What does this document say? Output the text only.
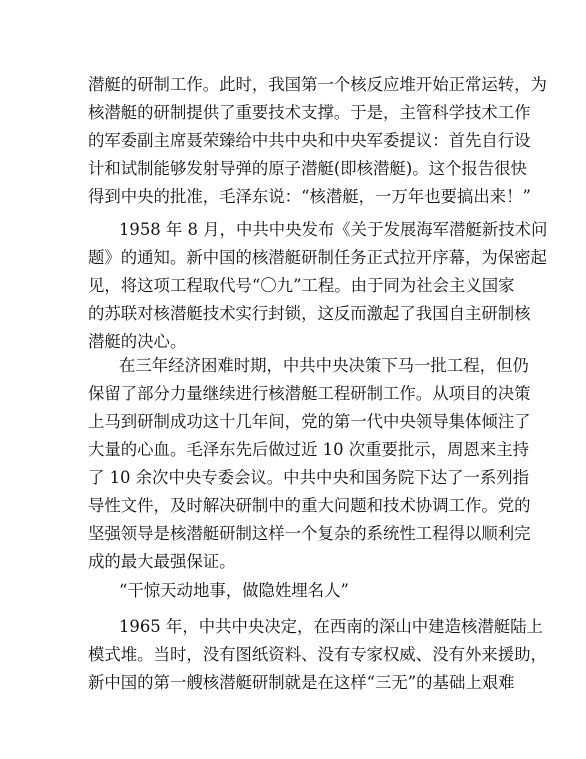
潜艇的研制工作。此时，我国第一个核反应堆开始正常运转，为
核潜艇的研制提供了重要技术支撑。于是，主管科学技术工作
的军委副主席聂荣臻给中共中央和中央军委提议：首先自行设
计和试制能够发射导弹的原子潜艇(即核潜艇)。这个报告很快
得到中央的批准，毛泽东说：“核潜艇，一万年也要搞出来！”
1958 年 8 月，中共中央发布《关于发展海军潜艇新技术问
题》的通知。新中国的核潜艇研制任务正式拉开序幕，为保密起
见，将这项工程取代号“〇九”工程。由于同为社会主义国家
的苏联对核潜艇技术实行封锁，这反而激起了我国自主研制核
潜艇的决心。
在三年经济困难时期，中共中央决策下马一批工程，但仍
保留了部分力量继续进行核潜艇工程研制工作。从项目的决策
上马到研制成功这十几年间，党的第一代中央领导集体倾注了
大量的心血。毛泽东先后做过近 10 次重要批示，周恩来主持
了 10 余次中央专委会议。中共中央和国务院下达了一系列指
导性文件，及时解决研制中的重大问题和技术协调工作。党的
坚强领导是核潜艇研制这样一个复杂的系统性工程得以顺利完
成的最大最强保证。
“干惊天动地事，做隐姓埋名人”
1965 年，中共中央决定，在西南的深山中建造核潜艇陆上
模式堆。当时，没有图纸资料、没有专家权威、没有外来援助，
新中国的第一艘核潜艇研制就是在这样“三无”的基础上艰难
